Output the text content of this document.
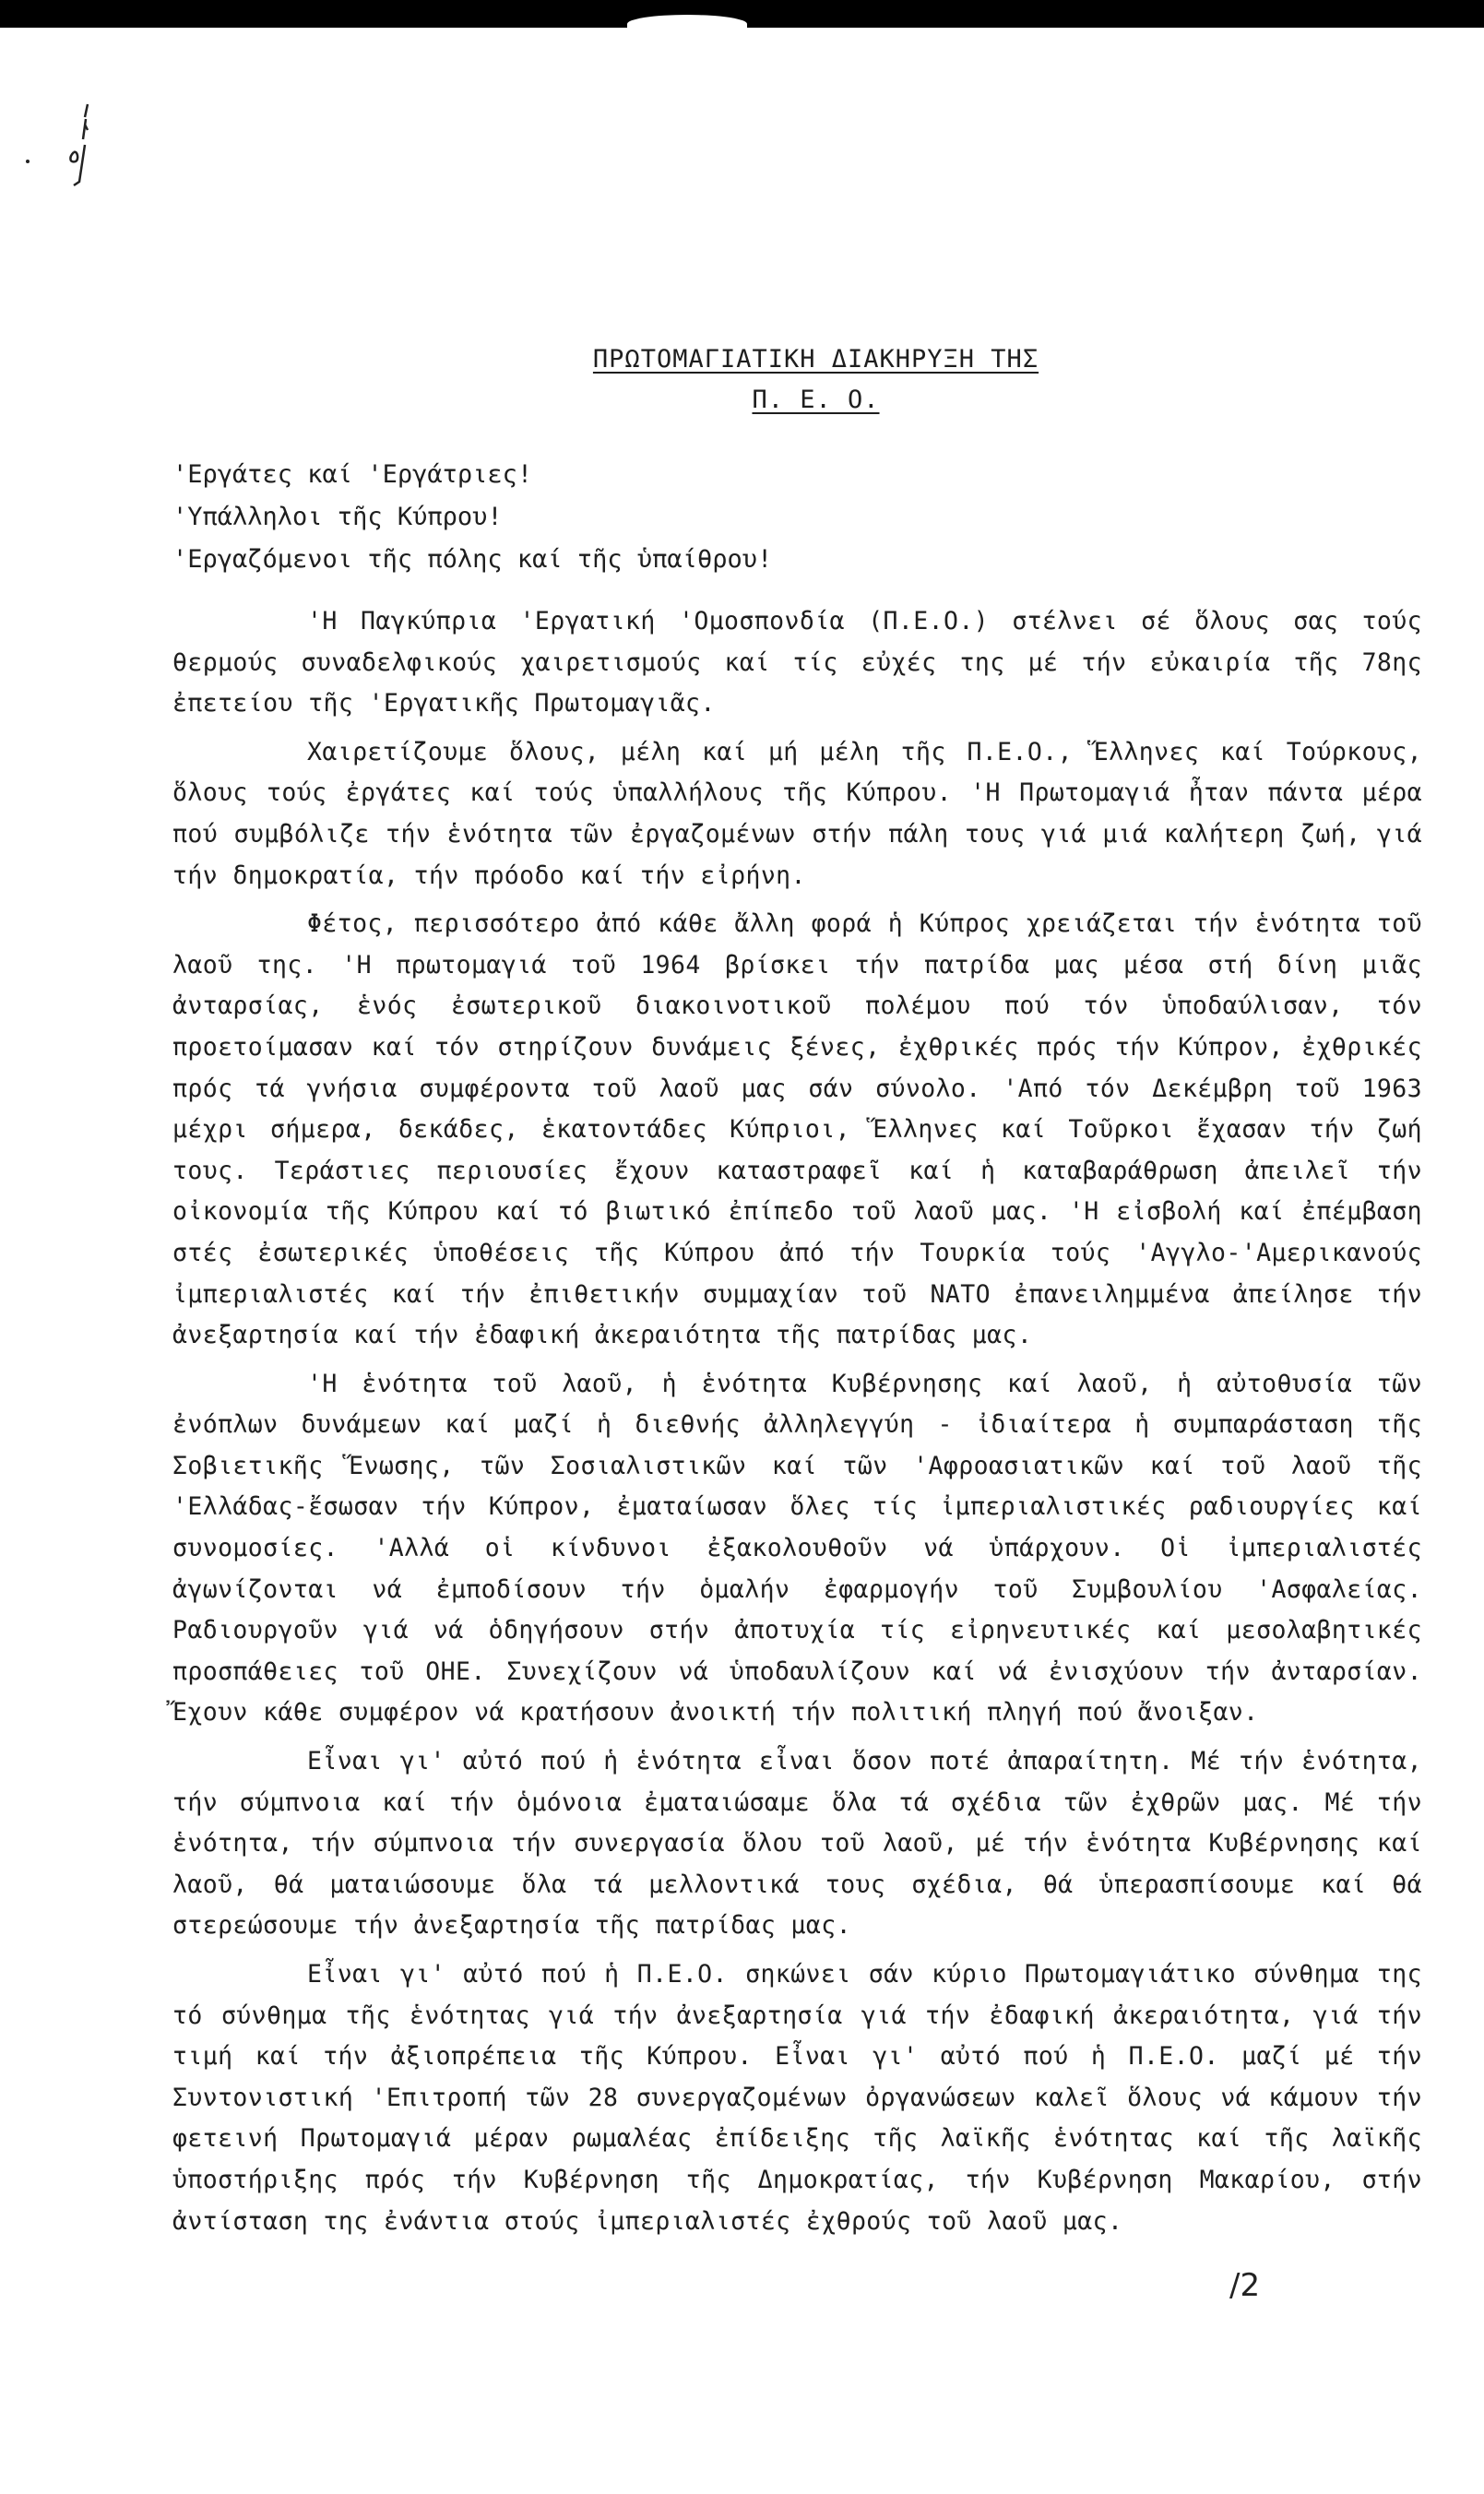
ΠΡΩΤΟΜΑΓΙΑΤΙΚΗ ΔΙΑΚΗΡΥΞΗ ΤΗΣ
Π. Ε. Ο.
'Εργάτες καί 'Εργάτριες!
'Υπάλληλοι τῆς Κύπρου!
'Εργαζόμενοι τῆς πόλης καί τῆς ὑπαίθρου!

'Η Παγκύπρια 'Εργατική 'Ομοσπονδία (Π.Ε.Ο.) στέλνει σέ ὅλους σας τούς θερμούς συναδελφικούς χαιρετισμούς καί τίς εὐχές της μέ τήν εὐκαιρία τῆς 78ης ἐπετείου τῆς 'Εργατικῆς Πρωτομαγιᾶς.

Χαιρετίζουμε ὅλους, μέλη καί μή μέλη τῆς Π.Ε.Ο., Ἕλληνες καί Τούρκους, ὅλους τούς ἐργάτες καί τούς ὑπαλλήλους τῆς Κύπρου. 'Η Πρωτομαγιά ἦταν πάντα μέρα πού συμβόλιζε τήν ἑνότητα τῶν ἐργαζομένων στήν πάλη τους γιά μιά καλήτερη ζωή, γιά τήν δημοκρατία, τήν πρόοδο καί τήν εἰρήνη.

Φέτος, περισσότερο ἀπό κάθε ἄλλη φορά ἡ Κύπρος χρειάζεται τήν ἑνότητα τοῦ λαοῦ της. 'Η πρωτομαγιά τοῦ 1964 βρίσκει τήν πατρίδα μας μέσα στή δίνη μιᾶς ἀνταρσίας, ἑνός ἐσωτερικοῦ διακοινοτικοῦ πολέμου πού τόν ὑποδαύλισαν, τόν προετοίμασαν καί τόν στηρίζουν δυνάμεις ξένες, ἐχθρικές πρός τήν Κύπρον, ἐχθρικές πρός τά γνήσια συμφέροντα τοῦ λαοῦ μας σάν σύνολο. 'Από τόν Δεκέμβρη τοῦ 1963 μέχρι σήμερα, δεκάδες, ἑκατοντάδες Κύπριοι, Ἕλληνες καί Τοῦρκοι ἔχασαν τήν ζωή τους. Τεράστιες περιουσίες ἔχουν καταστραφεῖ καί ἡ καταβαράθρωση ἀπειλεῖ τήν οἰκονομία τῆς Κύπρου καί τό βιωτικό ἐπίπεδο τοῦ λαοῦ μας. 'Η εἰσβολή καί ἐπέμβαση στές ἐσωτερικές ὑποθέσεις τῆς Κύπρου ἀπό τήν Τουρκία τούς 'Αγγλο-'Αμερικανούς ἰμπεριαλιστές καί τήν ἐπιθετικήν συμμαχίαν τοῦ ΝΑΤΟ ἐπανειλημμένα ἀπείλησε τήν ἀνεξαρτησία καί τήν ἐδαφική ἀκεραιότητα τῆς πατρίδας μας.

'Η ἑνότητα τοῦ λαοῦ, ἡ ἑνότητα Κυβέρνησης καί λαοῦ, ἡ αὐτοθυσία τῶν ἐνόπλων δυνάμεων καί μαζί ἡ διεθνής ἀλληλεγγύη - ἰδιαίτερα ἡ συμπαράσταση τῆς Σοβιετικῆς Ἕνωσης, τῶν Σοσιαλιστικῶν καί τῶν 'Αφροασιατικῶν καί τοῦ λαοῦ τῆς 'Ελλάδας-ἔσωσαν τήν Κύπρον, ἐματαίωσαν ὅλες τίς ἰμπεριαλιστικές ραδιουργίες καί συνομοσίες. 'Αλλά οἱ κίνδυνοι ἐξακολουθοῦν νά ὑπάρχουν. Οἱ ἰμπεριαλιστές ἀγωνίζονται νά ἐμποδίσουν τήν ὁμαλήν ἐφαρμογήν τοῦ Συμβουλίου 'Ασφαλείας. Ραδιουργοῦν γιά νά ὁδηγήσουν στήν ἀποτυχία τίς εἰρηνευτικές καί μεσολαβητικές προσπάθειες τοῦ ΟΗΕ. Συνεχίζουν νά ὑποδαυλίζουν καί νά ἐνισχύουν τήν ἀνταρσίαν. Ἔχουν κάθε συμφέρον νά κρατήσουν ἀνοικτή τήν πολιτική πληγή πού ἄνοιξαν.

Εἶναι γι' αὐτό πού ἡ ἑνότητα εἶναι ὅσον ποτέ ἀπαραίτητη. Μέ τήν ἑνότητα, τήν σύμπνοια καί τήν ὁμόνοια ἐματαιώσαμε ὅλα τά σχέδια τῶν ἐχθρῶν μας. Μέ τήν ἑνότητα, τήν σύμπνοια τήν συνεργασία ὅλου τοῦ λαοῦ, μέ τήν ἑνότητα Κυβέρνησης καί λαοῦ, θά ματαιώσουμε ὅλα τά μελλοντικά τους σχέδια, θά ὑπερασπίσουμε καί θά στερεώσουμε τήν ἀνεξαρτησία τῆς πατρίδας μας.

Εἶναι γι' αὐτό πού ἡ Π.Ε.Ο. σηκώνει σάν κύριο Πρωτομαγιάτικο σύνθημα της τό σύνθημα τῆς ἑνότητας γιά τήν ἀνεξαρτησία γιά τήν ἐδαφική ἀκεραιότητα, γιά τήν τιμή καί τήν ἀξιοπρέπεια τῆς Κύπρου. Εἶναι γι' αὐτό πού ἡ Π.Ε.Ο. μαζί μέ τήν Συντονιστική 'Επιτροπή τῶν 28 συνεργαζομένων ὀργανώσεων καλεῖ ὅλους νά κάμουν τήν φετεινή Πρωτομαγιά μέραν ρωμαλέας ἐπίδειξης τῆς λαϊκῆς ἑνότητας καί τῆς λαϊκῆς ὑποστήριξης πρός τήν Κυβέρνηση τῆς Δημοκρατίας, τήν Κυβέρνηση Μακαρίου, στήν ἀντίσταση της ἐνάντια στούς ἰμπεριαλιστές ἐχθρούς τοῦ λαοῦ μας.

/2
